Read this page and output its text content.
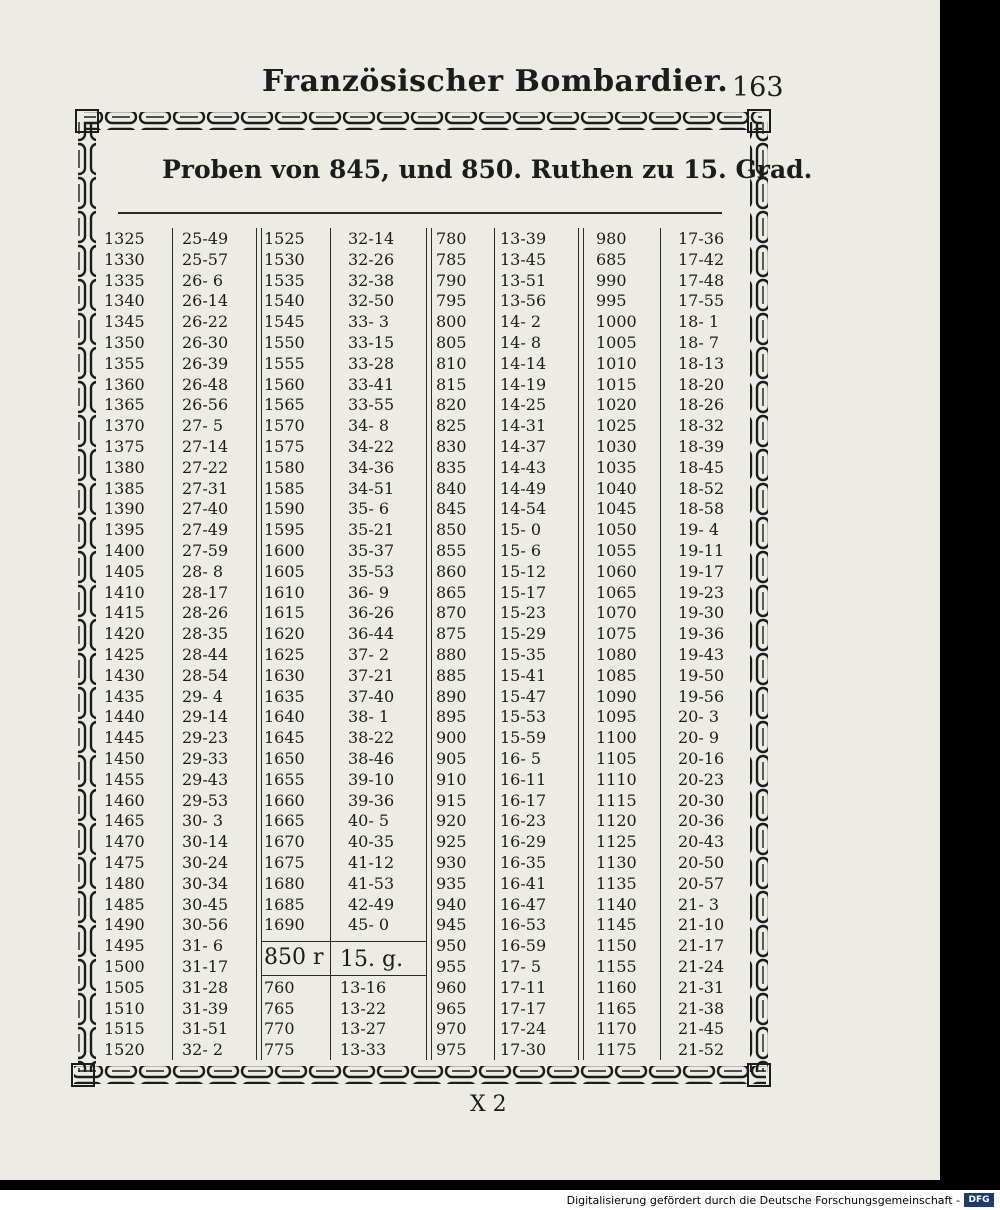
Französischer Bombardier. 163
Proben von 845, und 850. Ruthen zu 15. Grad.
1325 25-49
1330 25-57
1335 26- 6
1340 26-14
1345 26-22
1350 26-30
1355 26-39
1360 26-48
1365 26-56
1370 27- 5
1375 27-14
1380 27-22
1385 27-31
1390 27-40
1395 27-49
1400 27-59
1405 28- 8
1410 28-17
1415 28-26
1420 28-35
1425 28-44
1430 28-54
1435 29- 4
1440 29-14
1445 29-23
1450 29-33
1455 29-43
1460 29-53
1465 30- 3
1470 30-14
1475 30-24
1480 30-34
1485 30-45
1490 30-56
1495 31- 6
1500 31-17
1505 31-28
1510 31-39
1515 31-51
1520 32- 2
1525	32-14
1530	32-26
1535	32-38
1540	32-50
1545	33- 3
1550	33-15
1555	33-28
1560	33-41
1565	33-55
1570	34- 8
1575	34-22
1580	34-36
1585	34-51
1590	35- 6
1595	35-21
1600	35-37
1605	35-53
1610	36- 9
1615	36-26
1620	36-44
1625	37- 2
1630	37-21
1635	37-40
1640	38- 1
1645	38-22
1650	38-46
1655	39-10
1660	39-36
1665	40- 5
1670	40-35
1675	41-12
1680	41-53
1685	42-49
1690	45- 0
760	13-16
765	13-22
770	13-27
775	13-33
780 13-39
785 13-45
790 13-51
795 13-56
800 14- 2
805 14- 8
810 14-14
815 14-19
820 14-25
825 14-31
830 14-37
835 14-43
840 14-49
845 14-54
850 15- 0
855 15- 6
860 15-12
865 15-17
870 15-23
875 15-29
880 15-35
885 15-41
890 15-47
895 15-53
900 15-59
905 16- 5
910 16-11
915 16-17
920 16-23
925 16-29
930 16-35
935 16-41
940 16-47
945 16-53
950 16-59
955 17- 5
960 17-11
965 17-17
970 17-24
975 17-30
980	17-36
685	17-42
990	17-48
995	17-55
1000	18- 1
1005	18- 7
1010	18-13
1015	18-20
1020	18-26
1025	18-32
1030	18-39
1035	18-45
1040	18-52
1045	18-58
1050	19- 4
1055	19-11
1060	19-17
1065	19-23
1070	19-30
1075	19-36
1080	19-43
1085	19-50
1090	19-56
1095	20- 3
1100	20- 9
1105	20-16
1110	20-23
1115	20-30
1120	20-36
1125	20-43
1130	20-50
1135	20-57
1140	21- 3
1145	21-10
1150	21-17
1155	21-24
1160	21-31
1165	21-38
1170	21-45
1175	21-52
850 r 15. g.
X 2
Digitalisierung gefördert durch die Deutsche Forschungsgemeinschaft - DFG
